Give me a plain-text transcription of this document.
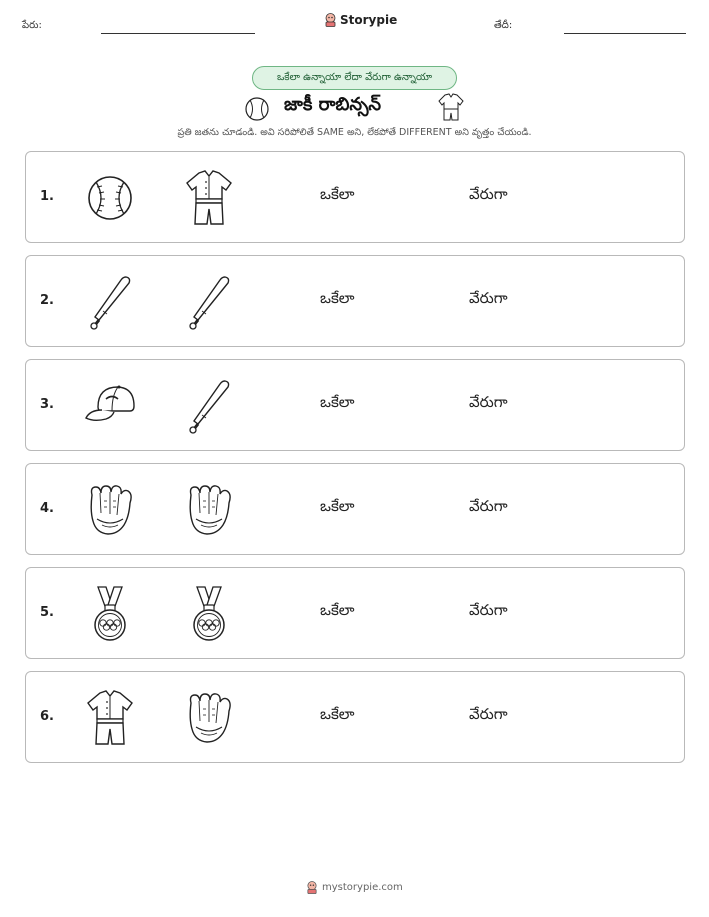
పేరు:	Storypie	తేదీ:
ఒకేలా ఉన్నాయా లేదా వేరుగా ఉన్నాయా
జాకీ రాబిన్సన్
ప్రతి జతను చూడండి. అవి సరిపోలితే SAME అని, లేకపోతే DIFFERENT అని వృత్తం చేయండి.
1.	ఒకేలా	వేరుగా
2.	ఒకేలా	వేరుగా
3.	ఒకేలా	వేరుగా
4.	ఒకేలా	వేరుగా
5.	ఒకేలా	వేరుగా
6.	ఒకేలా	వేరుగా
mystorypie.com
